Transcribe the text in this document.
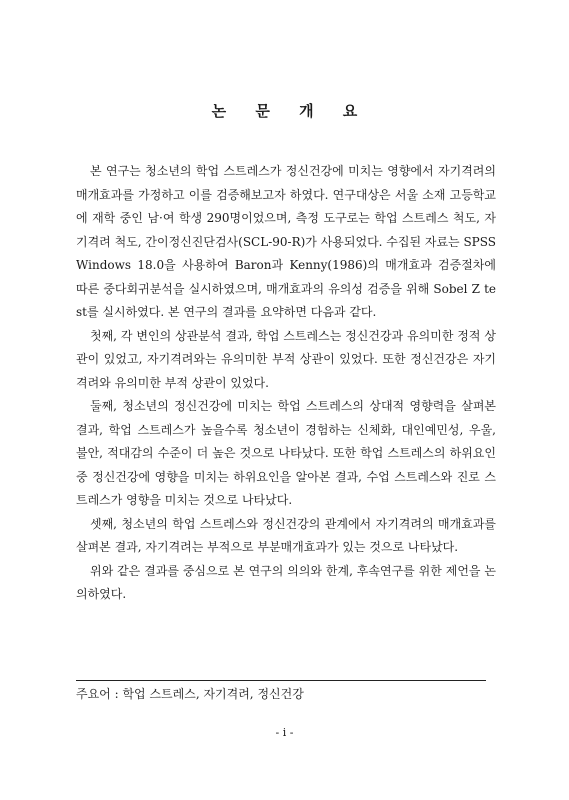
논 문 개 요

본 연구는 청소년의 학업 스트레스가 정신건강에 미치는 영향에서 자기격려의 매개효과를 가정하고 이를 검증해보고자 하였다. 연구대상은 서울 소재 고등학교에 재학 중인 남·여 학생 290명이었으며, 측정 도구로는 학업 스트레스 척도, 자기격려 척도, 간이정신진단검사(SCL-90-R)가 사용되었다. 수집된 자료는 SPSS Windows 18.0을 사용하여 Baron과 Kenny(1986)의 매개효과 검증절차에 따른 중다회귀분석을 실시하였으며, 매개효과의 유의성 검증을 위해 Sobel Z test를 실시하였다. 본 연구의 결과를 요약하면 다음과 같다.

첫째, 각 변인의 상관분석 결과, 학업 스트레스는 정신건강과 유의미한 정적 상관이 있었고, 자기격려와는 유의미한 부적 상관이 있었다. 또한 정신건강은 자기격려와 유의미한 부적 상관이 있었다.

둘째, 청소년의 정신건강에 미치는 학업 스트레스의 상대적 영향력을 살펴본 결과, 학업 스트레스가 높을수록 청소년이 경험하는 신체화, 대인예민성, 우울, 불안, 적대감의 수준이 더 높은 것으로 나타났다. 또한 학업 스트레스의 하위요인 중 정신건강에 영향을 미치는 하위요인을 알아본 결과, 수업 스트레스와 진로 스트레스가 영향을 미치는 것으로 나타났다.

셋째, 청소년의 학업 스트레스와 정신건강의 관계에서 자기격려의 매개효과를 살펴본 결과, 자기격려는 부적으로 부분매개효과가 있는 것으로 나타났다.

위와 같은 결과를 중심으로 본 연구의 의의와 한계, 후속연구를 위한 제언을 논의하였다.

주요어 : 학업 스트레스, 자기격려, 정신건강
- i -
